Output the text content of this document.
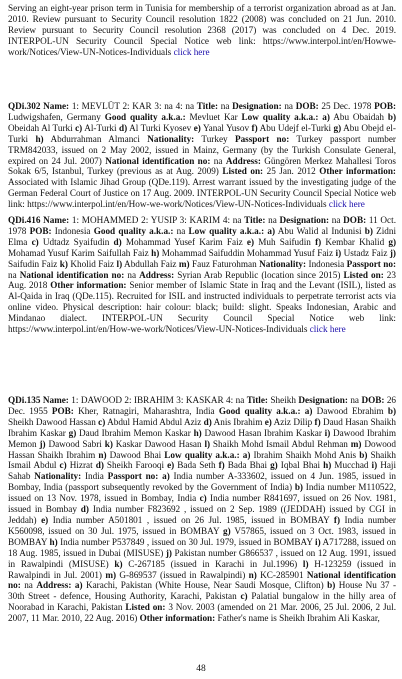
Serving an eight-year prison term in Tunisia for membership of a terrorist organization abroad as at Jan. 2010. Review pursuant to Security Council resolution 1822 (2008) was concluded on 21 Jun. 2010. Review pursuant to Security Council resolution 2368 (2017) was concluded on 4 Dec. 2019. INTERPOL-UN Security Council Special Notice web link: https://www.interpol.int/en/Howwe-work/Notices/View-UN-Notices-Individuals click here

QDi.302 Name: 1: MEVLÜT 2: KAR 3: na 4: na Title: na Designation: na DOB: 25 Dec. 1978 POB: Ludwigshafen, Germany Good quality a.k.a.: Mevluet Kar Low quality a.k.a.: a) Abu Obaidah b) Obeidah Al Turki c) Al-Turki d) Al Turki Kyosev e) Yanal Yusov f) Abu Udejf el-Turki g) Abu Obejd el-Turki h) Abdurrahman Almanci Nationality: Turkey Passport no: Turkey passport number TRM842033, issued on 2 May 2002, issued in Mainz, Germany (by the Turkish Consulate General, expired on 24 Jul. 2007) National identification no: na Address: Güngören Merkez Mahallesi Toros Sokak 6/5, Istanbul, Turkey (previous as at Aug. 2009) Listed on: 25 Jan. 2012 Other information: Associated with Islamic Jihad Group (QDe.119). Arrest warrant issued by the investigating judge of the German Federal Court of Justice on 17 Aug. 2009. INTERPOL-UN Security Council Special Notice web link: https://www.interpol.int/en/How-we-work/Notices/View-UN-Notices-Individuals click here

QDi.416 Name: 1: MOHAMMED 2: YUSIP 3: KARIM 4: na Title: na Designation: na DOB: 11 Oct. 1978 POB: Indonesia Good quality a.k.a.: na Low quality a.k.a.: a) Abu Walid al Indunisi b) Zidni Elma c) Udtadz Syaifudin d) Mohammad Yusef Karim Faiz e) Muh Saifudin f) Kembar Khalid g) Mohamad Yusuf Karim Saifullah Faiz h) Mohammad Saifuddin Mohammad Yusuf Faiz i) Ustadz Faiz j) Saifudin Faiz k) Kholid Faiz l) Abdullah Faiz m) Fauz Faturohman Nationality: Indonesia Passport no: na National identification no: na Address: Syrian Arab Republic (location since 2015) Listed on: 23 Aug. 2018 Other information: Senior member of Islamic State in Iraq and the Levant (ISIL), listed as Al-Qaida in Iraq (QDe.115). Recruited for ISIL and instructed individuals to perpetrate terrorist acts via online video. Physical description: hair colour: black; build: slight. Speaks Indonesian, Arabic and Mindanao dialect. INTERPOL-UN Security Council Special Notice web link: https://www.interpol.int/en/How-we-work/Notices/View-UN-Notices-Individuals click here

QDi.135 Name: 1: DAWOOD 2: IBRAHIM 3: KASKAR 4: na Title: Sheikh Designation: na DOB: 26 Dec. 1955 POB: Kher, Ratnagiri, Maharashtra, India Good quality a.k.a.: a) Dawood Ebrahim b) Sheikh Dawood Hassan c) Abdul Hamid Abdul Aziz d) Anis Ibrahim e) Aziz Dilip f) Daud Hasan Shaikh Ibrahim Kaskar g) Daud Ibrahim Memon Kaskar h) Dawood Hasan Ibrahim Kaskar i) Dawood Ibrahim Memon j) Dawood Sabri k) Kaskar Dawood Hasan l) Shaikh Mohd Ismail Abdul Rehman m) Dowood Hassan Shaikh Ibrahim n) Dawood Bhai Low quality a.k.a.: a) Ibrahim Shaikh Mohd Anis b) Shaikh Ismail Abdul c) Hizrat d) Sheikh Farooqi e) Bada Seth f) Bada Bhai g) Iqbal Bhai h) Mucchad i) Haji Sahab Nationality: India Passport no: a) India number A-333602, issued on 4 Jun. 1985, issued in Bombay, India (passport subsequently revoked by the Government of India) b) India number M110522, issued on 13 Nov. 1978, issued in Bombay, India c) India number R841697, issued on 26 Nov. 1981, issued in Bombay d) India number F823692 , issued on 2 Sep. 1989 ((JEDDAH) issued by CGI in Jeddah) e) India number A501801 , issued on 26 Jul. 1985, issued in BOMBAY f) India number K560098, issued on 30 Jul. 1975, issued in BOMBAY g) V57865, issued on 3 Oct. 1983, issued in BOMBAY h) India number P537849 , issued on 30 Jul. 1979, issued in BOMBAY i) A717288, issued on 18 Aug. 1985, issued in Dubai (MISUSE) j) Pakistan number G866537 , issued on 12 Aug. 1991, issued in Rawalpindi (MISUSE) k) C-267185 (issued in Karachi in Jul.1996) l) H-123259 (issued in Rawalpindi in Jul. 2001) m) G-869537 (issued in Rawalpindi) n) KC-285901 National identification no: na Address: a) Karachi, Pakistan (White House, Near Saudi Mosque, Clifton) b) House Nu 37 - 30th Street - defence, Housing Authority, Karachi, Pakistan c) Palatial bungalow in the hilly area of Noorabad in Karachi, Pakistan Listed on: 3 Nov. 2003 (amended on 21 Mar. 2006, 25 Jul. 2006, 2 Jul. 2007, 11 Mar. 2010, 22 Aug. 2016) Other information: Father's name is Sheikh Ibrahim Ali Kaskar,

48
